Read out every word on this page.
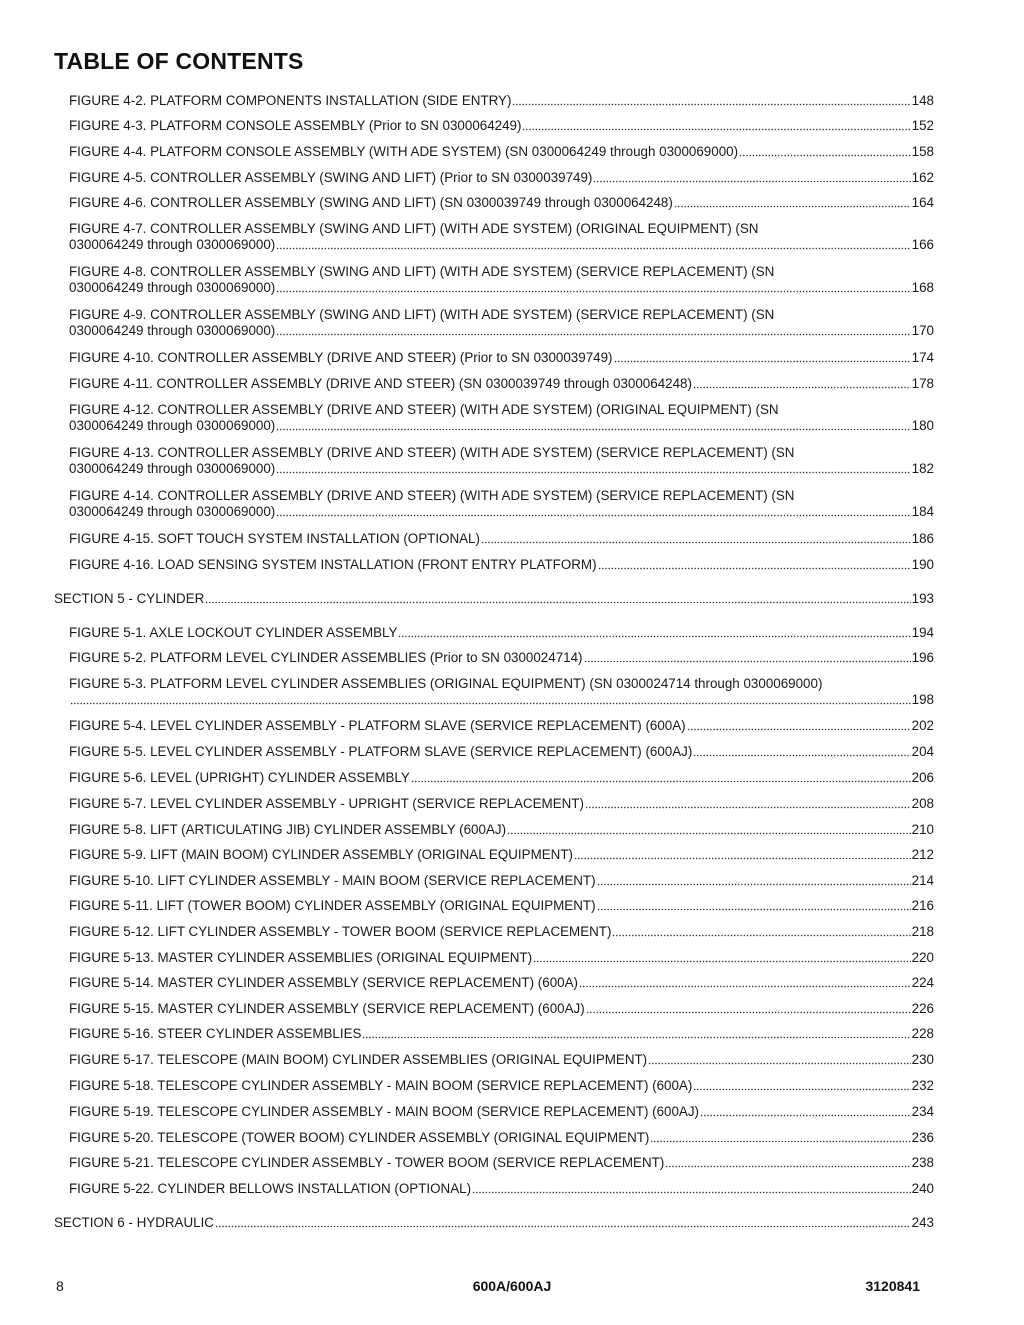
TABLE OF CONTENTS
FIGURE 4-2. PLATFORM COMPONENTS INSTALLATION (SIDE ENTRY)	148
FIGURE 4-3. PLATFORM CONSOLE ASSEMBLY (Prior to SN 0300064249)	152
FIGURE 4-4. PLATFORM CONSOLE ASSEMBLY (WITH ADE SYSTEM) (SN 0300064249 through 0300069000)	158
FIGURE 4-5. CONTROLLER ASSEMBLY (SWING AND LIFT) (Prior to SN 0300039749)	162
FIGURE 4-6. CONTROLLER ASSEMBLY (SWING AND LIFT) (SN 0300039749 through 0300064248)	164
FIGURE 4-7. CONTROLLER ASSEMBLY (SWING AND LIFT) (WITH ADE SYSTEM) (ORIGINAL EQUIPMENT) (SN
0300064249 through 0300069000)	166
FIGURE 4-8. CONTROLLER ASSEMBLY (SWING AND LIFT) (WITH ADE SYSTEM) (SERVICE REPLACEMENT) (SN
0300064249 through 0300069000)	168
FIGURE 4-9. CONTROLLER ASSEMBLY (SWING AND LIFT) (WITH ADE SYSTEM) (SERVICE REPLACEMENT) (SN
0300064249 through 0300069000)	170
FIGURE 4-10. CONTROLLER ASSEMBLY (DRIVE AND STEER) (Prior to SN 0300039749)	174
FIGURE 4-11. CONTROLLER ASSEMBLY (DRIVE AND STEER) (SN 0300039749 through 0300064248)	178
FIGURE 4-12. CONTROLLER ASSEMBLY (DRIVE AND STEER) (WITH ADE SYSTEM) (ORIGINAL EQUIPMENT) (SN
0300064249 through 0300069000)	180
FIGURE 4-13. CONTROLLER ASSEMBLY (DRIVE AND STEER) (WITH ADE SYSTEM) (SERVICE REPLACEMENT) (SN
0300064249 through 0300069000)	182
FIGURE 4-14. CONTROLLER ASSEMBLY (DRIVE AND STEER) (WITH ADE SYSTEM) (SERVICE REPLACEMENT) (SN
0300064249 through 0300069000)	184
FIGURE 4-15. SOFT TOUCH SYSTEM INSTALLATION (OPTIONAL)	186
FIGURE 4-16. LOAD SENSING SYSTEM INSTALLATION (FRONT ENTRY PLATFORM)	190
SECTION 5 - CYLINDER	193
FIGURE 5-1. AXLE LOCKOUT CYLINDER ASSEMBLY	194
FIGURE 5-2. PLATFORM LEVEL CYLINDER ASSEMBLIES (Prior to SN 0300024714)	196
FIGURE 5-3. PLATFORM LEVEL CYLINDER ASSEMBLIES (ORIGINAL EQUIPMENT) (SN 0300024714 through 0300069000)
198
FIGURE 5-4. LEVEL CYLINDER ASSEMBLY - PLATFORM SLAVE (SERVICE REPLACEMENT) (600A)	202
FIGURE 5-5. LEVEL CYLINDER ASSEMBLY - PLATFORM SLAVE (SERVICE REPLACEMENT) (600AJ)	204
FIGURE 5-6. LEVEL (UPRIGHT) CYLINDER ASSEMBLY	206
FIGURE 5-7. LEVEL CYLINDER ASSEMBLY - UPRIGHT (SERVICE REPLACEMENT)	208
FIGURE 5-8. LIFT (ARTICULATING JIB) CYLINDER ASSEMBLY (600AJ)	210
FIGURE 5-9. LIFT (MAIN BOOM) CYLINDER ASSEMBLY (ORIGINAL EQUIPMENT)	212
FIGURE 5-10. LIFT CYLINDER ASSEMBLY - MAIN BOOM (SERVICE REPLACEMENT)	214
FIGURE 5-11. LIFT (TOWER BOOM) CYLINDER ASSEMBLY (ORIGINAL EQUIPMENT)	216
FIGURE 5-12. LIFT CYLINDER ASSEMBLY - TOWER BOOM (SERVICE REPLACEMENT)	218
FIGURE 5-13. MASTER CYLINDER ASSEMBLIES (ORIGINAL EQUIPMENT)	220
FIGURE 5-14. MASTER CYLINDER ASSEMBLY (SERVICE REPLACEMENT) (600A)	224
FIGURE 5-15. MASTER CYLINDER ASSEMBLY (SERVICE REPLACEMENT) (600AJ)	226
FIGURE 5-16. STEER CYLINDER ASSEMBLIES	228
FIGURE 5-17. TELESCOPE (MAIN BOOM) CYLINDER ASSEMBLIES (ORIGINAL EQUIPMENT)	230
FIGURE 5-18. TELESCOPE CYLINDER ASSEMBLY - MAIN BOOM (SERVICE REPLACEMENT) (600A)	232
FIGURE 5-19. TELESCOPE CYLINDER ASSEMBLY - MAIN BOOM (SERVICE REPLACEMENT) (600AJ)	234
FIGURE 5-20. TELESCOPE (TOWER BOOM) CYLINDER ASSEMBLY (ORIGINAL EQUIPMENT)	236
FIGURE 5-21. TELESCOPE CYLINDER ASSEMBLY - TOWER BOOM (SERVICE REPLACEMENT)	238
FIGURE 5-22. CYLINDER BELLOWS INSTALLATION (OPTIONAL)	240
SECTION 6 - HYDRAULIC	243
8	600A/600AJ	3120841
